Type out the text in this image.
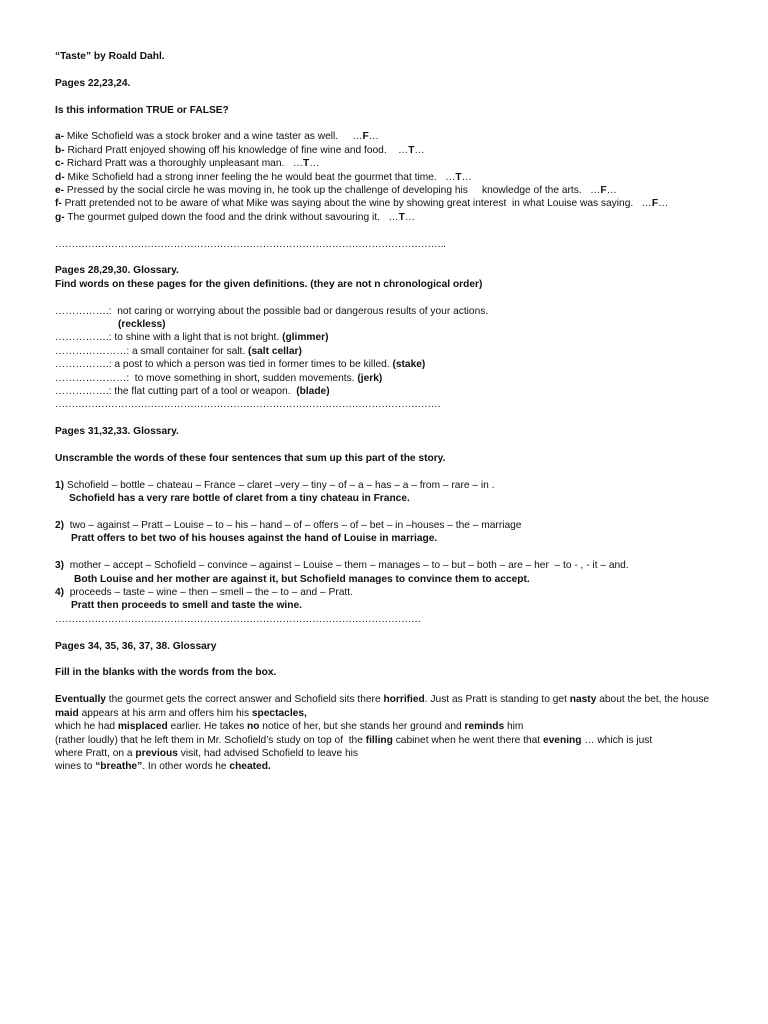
“Taste” by Roald Dahl.

Pages 22,23,24.

Is this information TRUE or FALSE?

a- Mike Schofield was a stock broker and a wine taster as well.     …F…

b- Richard Pratt enjoyed showing off his knowledge of fine wine and food.    …T…

c- Richard Pratt was a thoroughly unpleasant man.   …T…

d- Mike Schofield had a strong inner feeling the he would beat the gourmet that time.   …T…

e- Pressed by the social circle he was moving in, he took up the challenge of developing his     knowledge of the arts.   …F…

f- Pratt pretended not to be aware of what Mike was saying about the wine by showing great interest  in what Louise was saying.   …F…

g- The gourmet gulped down the food and the drink without savouring it.   …T…

………………………………………………………………………………………………………..

Pages 28,29,30. Glossary.

Find words on these pages for the given definitions. (they are not n chronological order)

…………….:  not caring or worrying about the possible bad or dangerous results of your actions.

(reckless)

…………….: to shine with a light that is not bright. (glimmer)

…………………: a small container for salt. (salt cellar)

…………….: a post to which a person was tied in former times to be killed. (stake)

…………………:  to move something in short, sudden movements. (jerk)

…………….: the flat cutting part of a tool or weapon.  (blade)

………………………………………………………………………………………………………

Pages 31,32,33. Glossary.

Unscramble the words of these four sentences that sum up this part of the story.

1) Schofield – bottle – chateau – France – claret –very – tiny – of – a – has – a – from – rare – in .

Schofield has a very rare bottle of claret from a tiny chateau in France.

2)  two – against – Pratt – Louise – to – his – hand – of – offers – of – bet – in –houses – the – marriage

Pratt offers to bet two of his houses against the hand of Louise in marriage.

3)  mother – accept – Schofield – convince – against – Louise – them – manages – to – but – both – are – her  – to - , - it – and.

Both Louise and her mother are against it, but Schofield manages to convince them to accept.

4)  proceeds – taste – wine – then – smell – the – to – and – Pratt.

Pratt then proceeds to smell and taste the wine.

…………………………………………………………………………………………………

Pages 34, 35, 36, 37, 38. Glossary

Fill in the blanks with the words from the box.

Eventually the gourmet gets the correct answer and Schofield sits there horrified. Just as Pratt is standing to get nasty about the bet, the house maid appears at his arm and offers him his spectacles,

which he had misplaced earlier. He takes no notice of her, but she stands her ground and reminds him

(rather loudly) that he left them in Mr. Schofield’s study on top of  the filling cabinet when he went there that evening … which is just

where Pratt, on a previous visit, had advised Schofield to leave his

wines to “breathe”. In other words he cheated.
